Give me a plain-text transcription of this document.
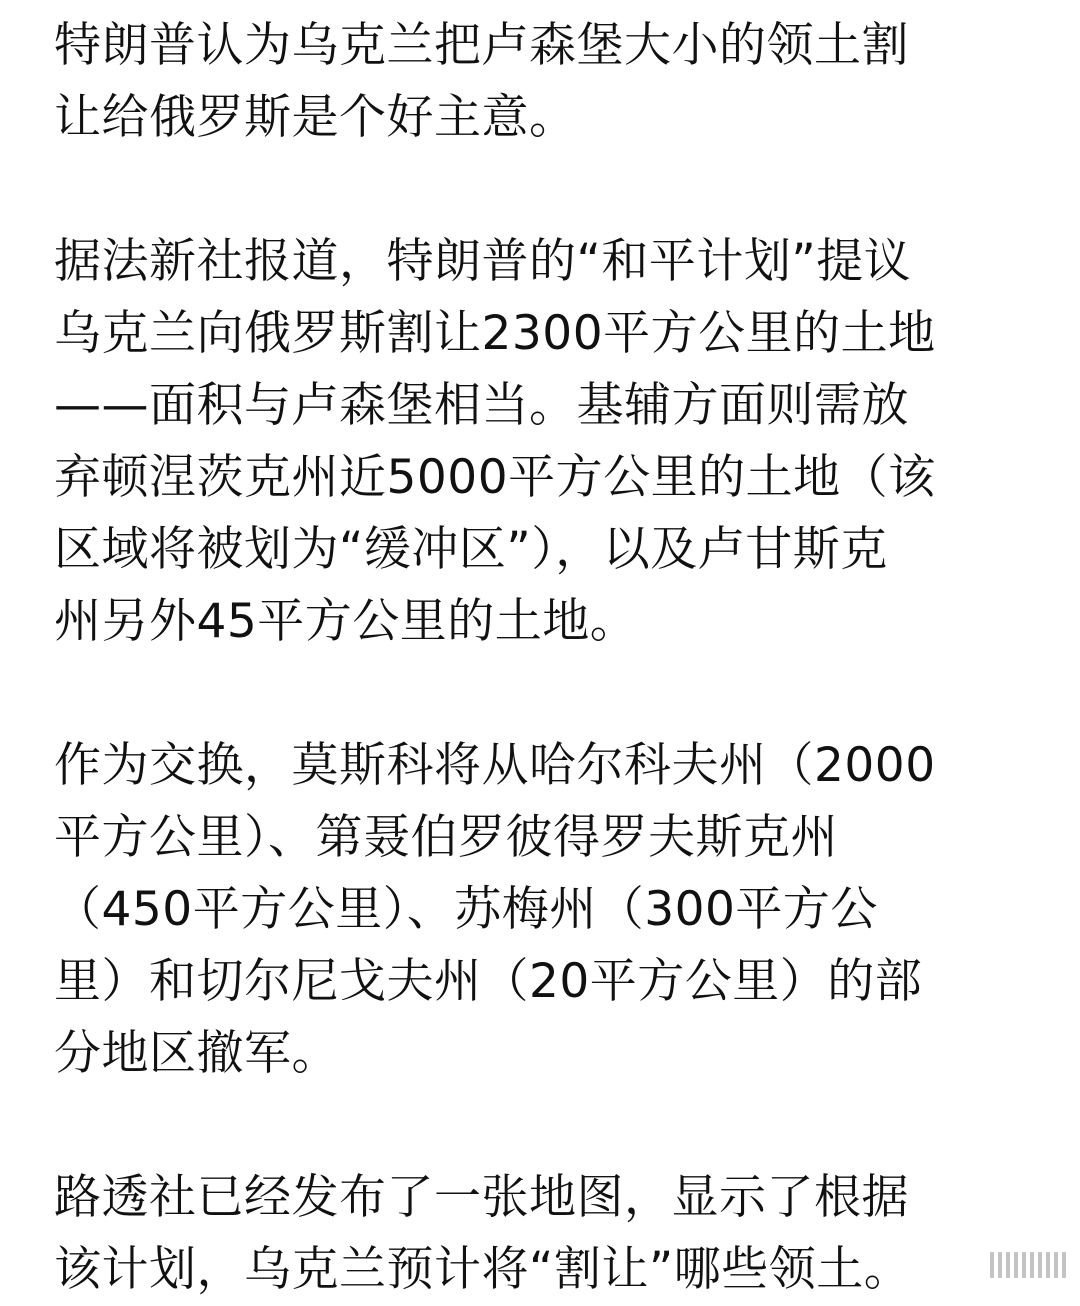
特朗普认为乌克兰把卢森堡大小的领土割
让给俄罗斯是个好主意。

据法新社报道，特朗普的“和平计划”提议
乌克兰向俄罗斯割让2300平方公里的土地
——面积与卢森堡相当。基辅方面则需放
弃顿涅茨克州近5000平方公里的土地（该
区域将被划为“缓冲区”），以及卢甘斯克
州另外45平方公里的土地。

作为交换，莫斯科将从哈尔科夫州（2000
平方公里）、第聂伯罗彼得罗夫斯克州
（450平方公里）、苏梅州（300平方公
里）和切尔尼戈夫州（20平方公里）的部
分地区撤军。

路透社已经发布了一张地图，显示了根据
该计划，乌克兰预计将“割让”哪些领土。
